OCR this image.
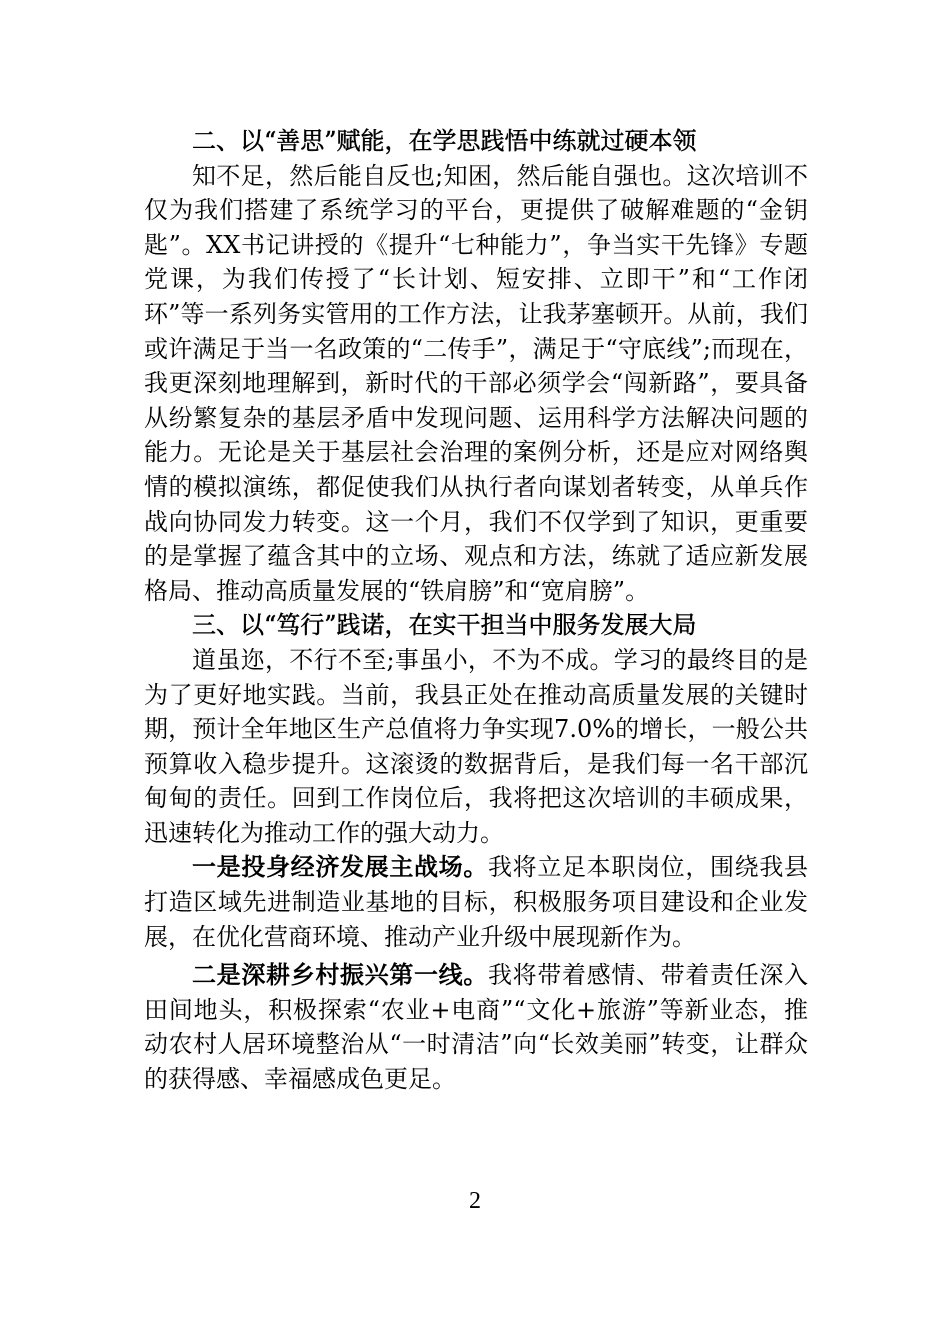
二、以“善思”赋能，在学思践悟中练就过硬本领

知不足，然后能自反也;知困，然后能自强也。这次培训不仅为我们搭建了系统学习的平台，更提供了破解难题的“金钥匙”。XX书记讲授的《提升“七种能力”，争当实干先锋》专题党课，为我们传授了“长计划、短安排、立即干”和“工作闭环”等一系列务实管用的工作方法，让我茅塞顿开。从前，我们或许满足于当一名政策的“二传手”，满足于“守底线”;而现在，我更深刻地理解到，新时代的干部必须学会“闯新路”，要具备从纷繁复杂的基层矛盾中发现问题、运用科学方法解决问题的能力。无论是关于基层社会治理的案例分析，还是应对网络舆情的模拟演练，都促使我们从执行者向谋划者转变，从单兵作战向协同发力转变。这一个月，我们不仅学到了知识，更重要的是掌握了蕴含其中的立场、观点和方法，练就了适应新发展格局、推动高质量发展的“铁肩膀”和“宽肩膀”。

三、以“笃行”践诺，在实干担当中服务发展大局

道虽迩，不行不至;事虽小，不为不成。学习的最终目的是为了更好地实践。当前，我县正处在推动高质量发展的关键时期，预计全年地区生产总值将力争实现7.0%的增长，一般公共预算收入稳步提升。这滚烫的数据背后，是我们每一名干部沉甸甸的责任。回到工作岗位后，我将把这次培训的丰硕成果，迅速转化为推动工作的强大动力。

一是投身经济发展主战场。我将立足本职岗位，围绕我县打造区域先进制造业基地的目标，积极服务项目建设和企业发展，在优化营商环境、推动产业升级中展现新作为。

二是深耕乡村振兴第一线。我将带着感情、带着责任深入田间地头，积极探索“农业+电商”“文化+旅游”等新业态，推动农村人居环境整治从“一时清洁”向“长效美丽”转变，让群众的获得感、幸福感成色更足。

2
